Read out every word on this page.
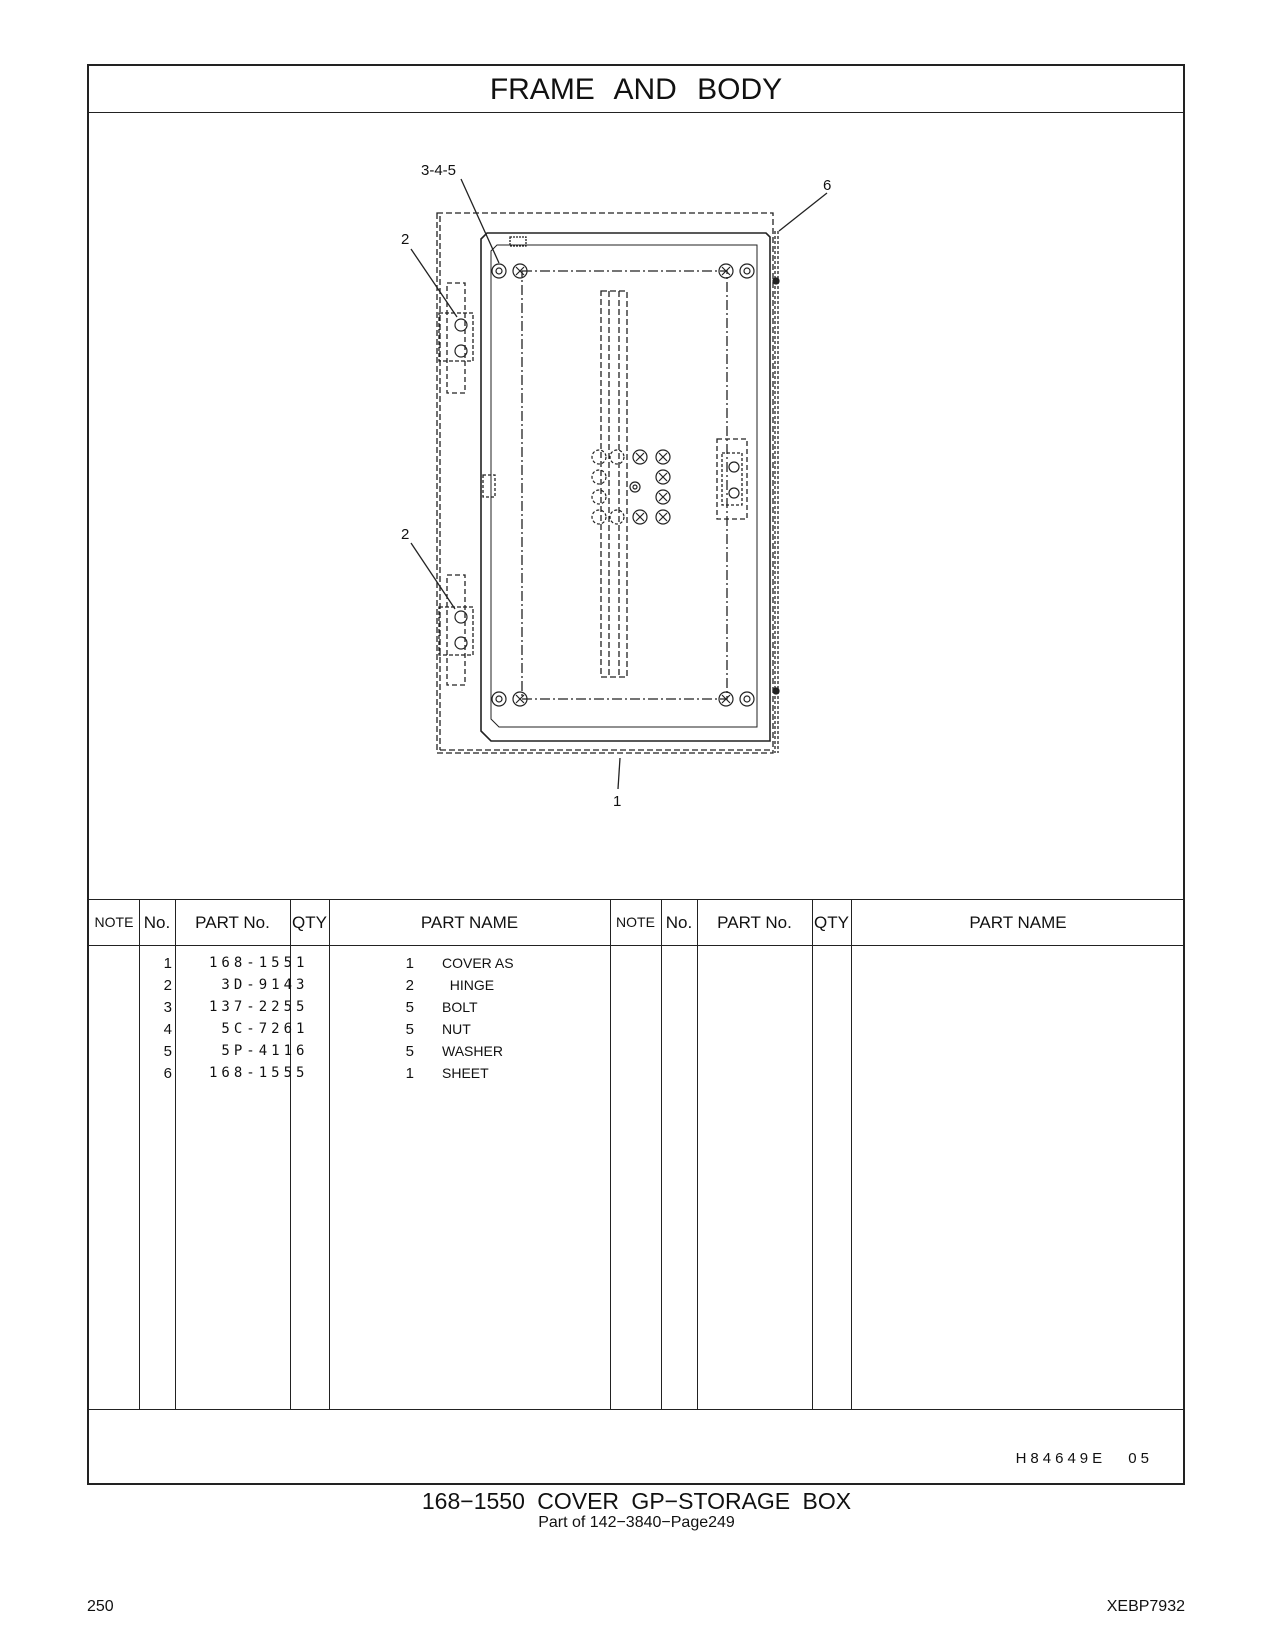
FRAME AND BODY
3-4-5
6
2
2
1
NOTE No.	PART No.	QTY	PART NAME	NOTE No.	PART No.	QTY	PART NAME
1	168-1551	1 COVER AS
2	3D-9143	2 HINGE
3	137-2255	5 BOLT
4	5C-7261	5 NUT
5	5P-4116	5 WASHER
6	168-1555	1 SHEET
H84649E 05
168−1550 COVER GP−STORAGE BOX
Part of 142−3840−Page249
250	XEBP7932
